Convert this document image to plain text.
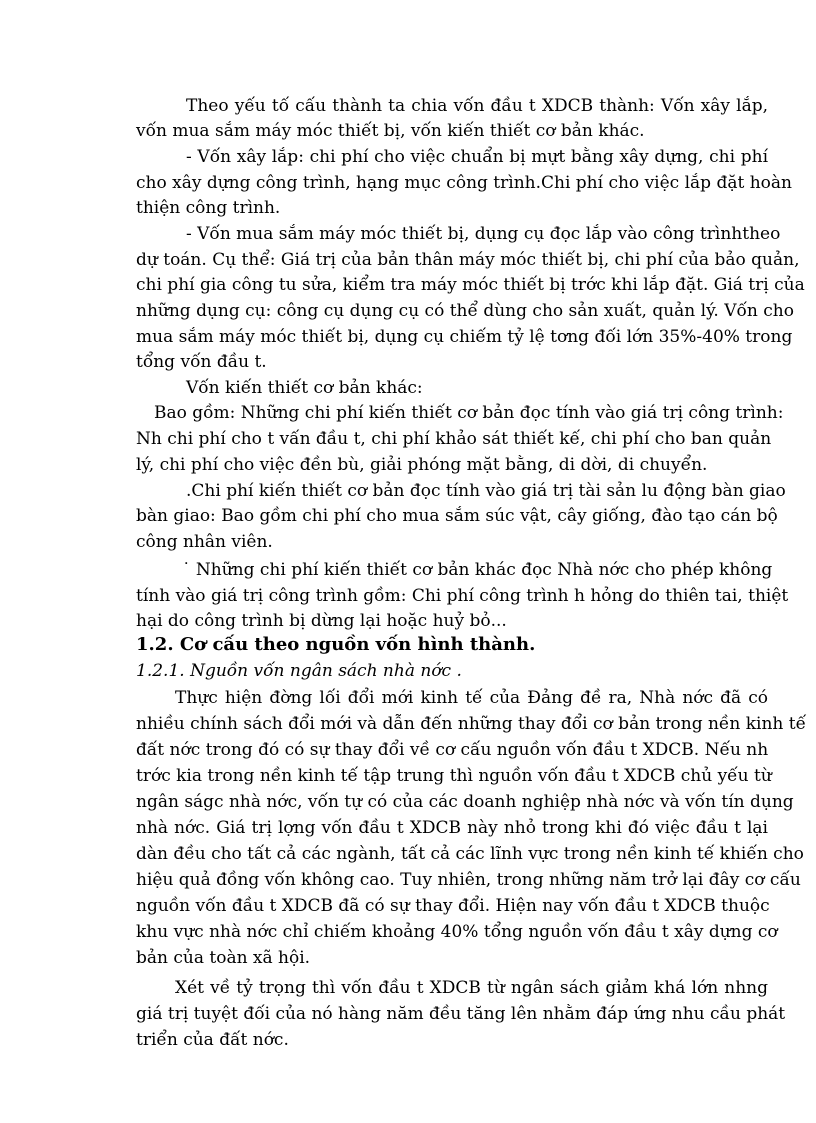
Theo yếu tố cấu thành ta chia vốn đầu t XDCB thành: Vốn xây lắp,
vốn mua sắm máy móc thiết bị, vốn kiến thiết cơ bản khác.
- Vốn xây lắp: chi phí cho việc chuẩn bị mựt bằng xây dựng, chi phí
cho xây dựng công trình, hạng mục công trình.Chi phí cho việc lắp đặt hoàn
thiện công trình.
- Vốn mua sắm máy móc thiết bị, dụng cụ đọc lắp vào công trìnhtheo
dự toán. Cụ thể: Giá trị của bản thân máy móc thiết bị, chi phí của bảo quản,
chi phí gia công tu sửa, kiểm tra máy móc thiết bị trớc khi lắp đặt. Giá trị của
những dụng cụ: công cụ dụng cụ có thể dùng cho sản xuất, quản lý. Vốn cho
mua sắm máy móc thiết bị, dụng cụ chiếm tỷ lệ tơng đối lớn 35%-40% trong
tổng vốn đầu t.
Vốn kiến thiết cơ bản khác:
Bao gồm: Những chi phí kiến thiết cơ bản đọc tính vào giá trị công trình:
Nh chi phí cho t vấn đầu t, chi phí khảo sát thiết kế, chi phí cho ban quản
lý, chi phí cho việc đền bù, giải phóng mặt bằng, di dời, di chuyển.
.Chi phí kiến thiết cơ bản đọc tính vào giá trị tài sản lu động bàn giao
bàn giao: Bao gồm chi phí cho mua sắm súc vật, cây giống, đào tạo cán bộ
công nhân viên.
˙ Những chi phí kiến thiết cơ bản khác đọc Nhà nớc cho phép không
tính vào giá trị công trình gồm: Chi phí công trình h hỏng do thiên tai, thiệt
hại do công trình bị dừng lại hoặc huỷ bỏ...
1.2. Cơ cấu theo nguồn vốn hình thành.
1.2.1. Nguồn vốn ngân sách nhà nớc .
Thực hiện đờng lối đổi mới kinh tế của Đảng đề ra, Nhà nớc đã có
nhiều chính sách đổi mới và dẫn đến những thay đổi cơ bản trong nền kinh tế
đất nớc trong đó có sự thay đổi về cơ cấu nguồn vốn đầu t XDCB. Nếu nh
trớc kia trong nền kinh tế tập trung thì nguồn vốn đầu t XDCB chủ yếu từ
ngân ságc nhà nớc, vốn tự có của các doanh nghiệp nhà nớc và vốn tín dụng
nhà nớc. Giá trị lợng vốn đầu t XDCB này nhỏ trong khi đó việc đầu t lại
dàn đều cho tất cả các ngành, tất cả các lĩnh vực trong nền kinh tế khiến cho
hiệu quả đồng vốn không cao. Tuy nhiên, trong những năm trở lại đây cơ cấu
nguồn vốn đầu t XDCB đã có sự thay đổi. Hiện nay vốn đầu t XDCB thuộc
khu vực nhà nớc chỉ chiếm khoảng 40% tổng nguồn vốn đầu t xây dựng cơ
bản của toàn xã hội.
Xét về tỷ trọng thì vốn đầu t XDCB từ ngân sách giảm khá lớn nhng
giá trị tuyệt đối của nó hàng năm đều tăng lên nhằm đáp ứng nhu cầu phát
triển của đất nớc.
